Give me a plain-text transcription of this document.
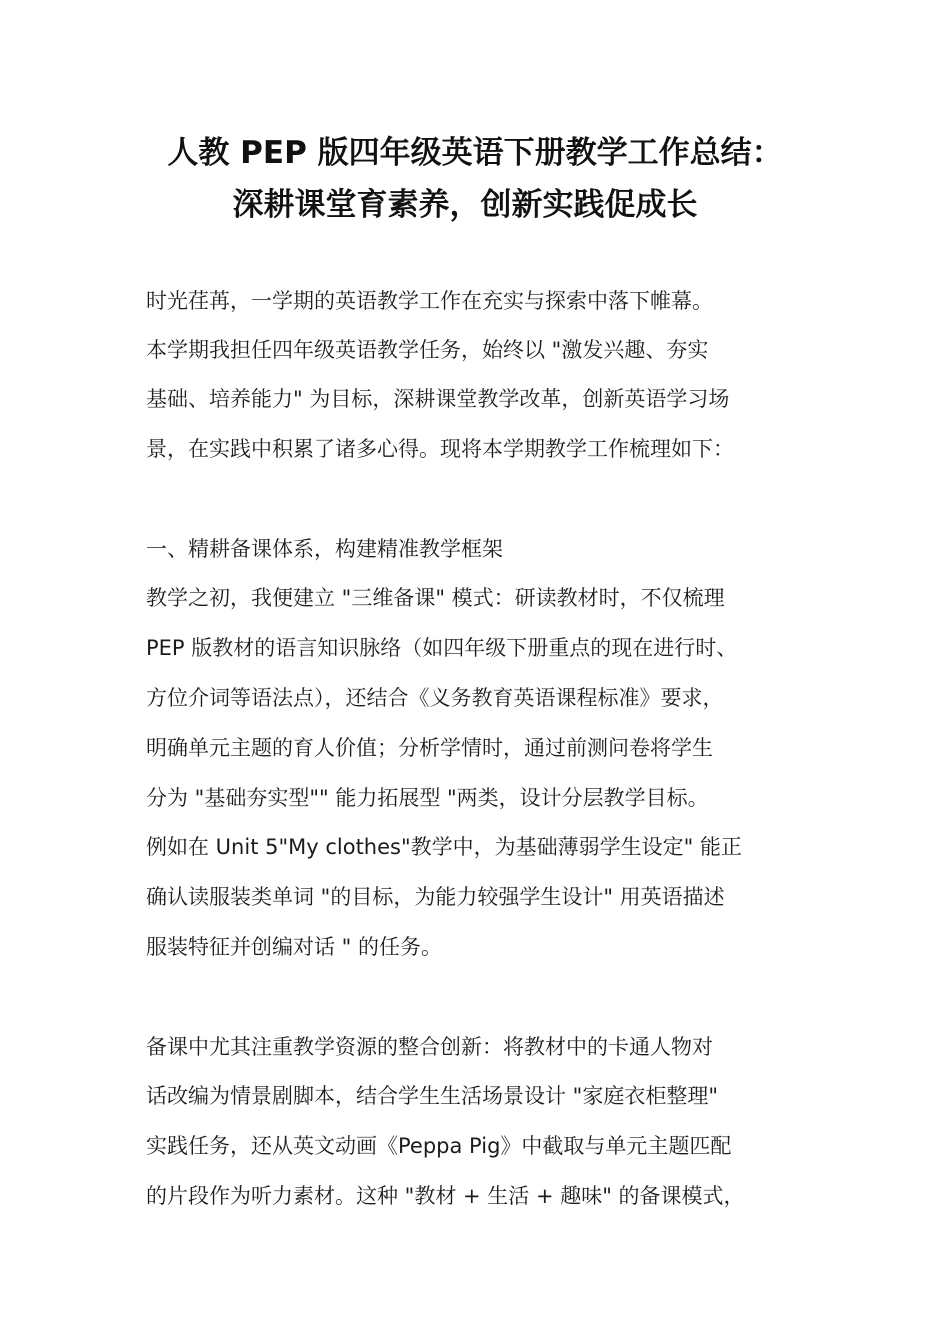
人教 PEP 版四年级英语下册教学工作总结：
深耕课堂育素养，创新实践促成长
时光荏苒，一学期的英语教学工作在充实与探索中落下帷幕。
本学期我担任四年级英语教学任务，始终以 "激发兴趣、夯实
基础、培养能力" 为目标，深耕课堂教学改革，创新英语学习场
景，在实践中积累了诸多心得。现将本学期教学工作梳理如下：
一、精耕备课体系，构建精准教学框架
教学之初，我便建立 "三维备课" 模式：研读教材时，不仅梳理
PEP 版教材的语言知识脉络（如四年级下册重点的现在进行时、
方位介词等语法点），还结合《义务教育英语课程标准》要求，
明确单元主题的育人价值；分析学情时，通过前测问卷将学生
分为 "基础夯实型"" 能力拓展型 "两类，设计分层教学目标。
例如在 Unit 5"My clothes"教学中，为基础薄弱学生设定" 能正
确认读服装类单词 "的目标，为能力较强学生设计" 用英语描述
服装特征并创编对话 " 的任务。
备课中尤其注重教学资源的整合创新：将教材中的卡通人物对
话改编为情景剧脚本，结合学生生活场景设计 "家庭衣柜整理"
实践任务，还从英文动画《Peppa Pig》中截取与单元主题匹配
的片段作为听力素材。这种 "教材 + 生活 + 趣味" 的备课模式，
